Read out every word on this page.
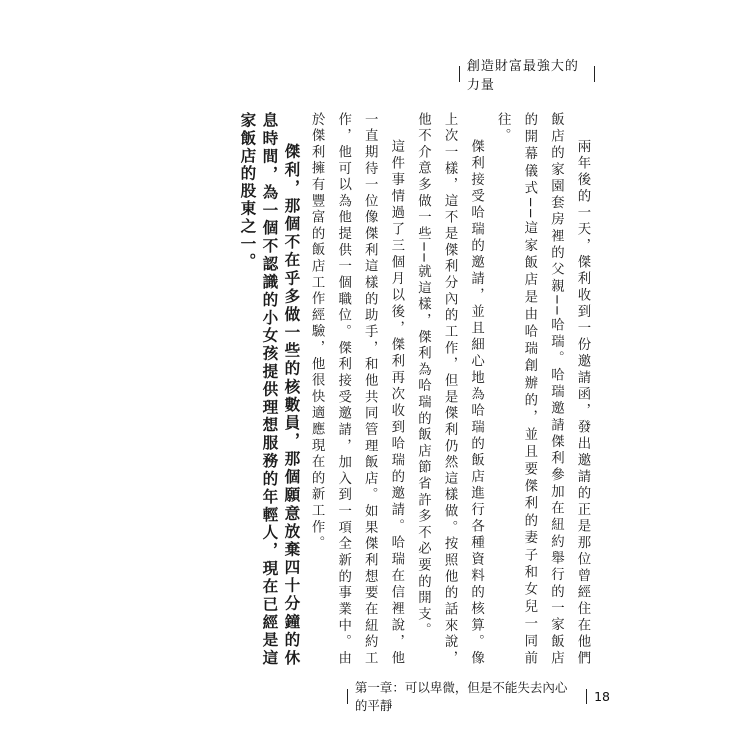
創造財富最強大的力量

兩年後的一天，傑利收到一份邀請函，發出邀請的正是那位曾經住在他們飯店的家園套房裡的父親──哈瑞。哈瑞邀請傑利參加在紐約舉行的一家飯店的開幕儀式──這家飯店是由哈瑞創辦的，並且要傑利的妻子和女兒一同前往。

傑利接受哈瑞的邀請，並且細心地為哈瑞的飯店進行各種資料的核算。像上次一樣，這不是傑利分內的工作，但是傑利仍然這樣做。按照他的話來說，他不介意多做一些──就這樣，傑利為哈瑞的飯店節省許多不必要的開支。

這件事情過了三個月以後，傑利再次收到哈瑞的邀請。哈瑞在信裡說，他一直期待一位像傑利這樣的助手，和他共同管理飯店。如果傑利想要在紐約工作，他可以為他提供一個職位。傑利接受邀請，加入到一項全新的事業中。由於傑利擁有豐富的飯店工作經驗，他很快適應現在的新工作。

傑利，那個不在乎多做一些的核數員，那個願意放棄四十分鐘的休息時間，為一個不認識的小女孩提供理想服務的年輕人，現在已經是這家飯店的股東之一。

第一章：可以卑微，但是不能失去內心的平靜
18
